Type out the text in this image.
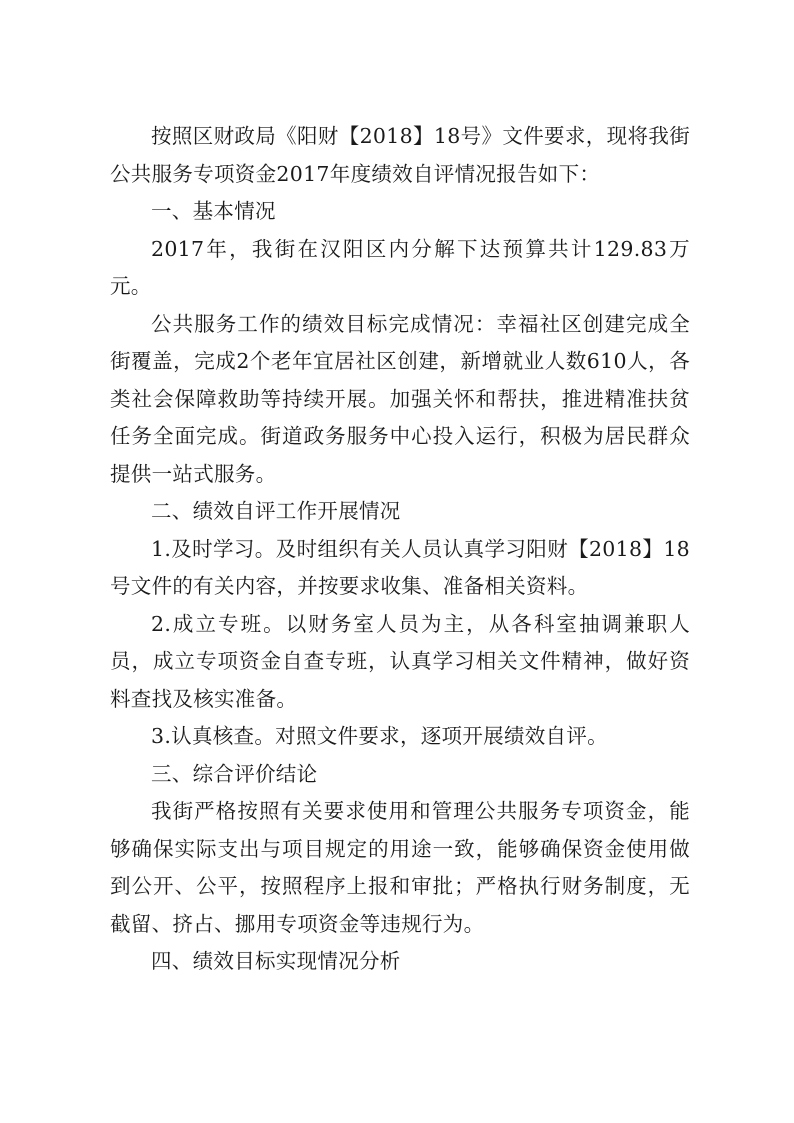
按照区财政局《阳财【2018】18号》文件要求，现将我街公共服务专项资金2017年度绩效自评情况报告如下：

一、基本情况

2017年，我街在汉阳区内分解下达预算共计129.83万元。

公共服务工作的绩效目标完成情况：幸福社区创建完成全街覆盖，完成2个老年宜居社区创建，新增就业人数610人，各类社会保障救助等持续开展。加强关怀和帮扶，推进精准扶贫任务全面完成。街道政务服务中心投入运行，积极为居民群众提供一站式服务。

二、绩效自评工作开展情况

1.及时学习。及时组织有关人员认真学习阳财【2018】18号文件的有关内容，并按要求收集、准备相关资料。

2.成立专班。以财务室人员为主，从各科室抽调兼职人员，成立专项资金自查专班，认真学习相关文件精神，做好资料查找及核实准备。

3.认真核查。对照文件要求，逐项开展绩效自评。

三、综合评价结论

我街严格按照有关要求使用和管理公共服务专项资金，能够确保实际支出与项目规定的用途一致，能够确保资金使用做到公开、公平，按照程序上报和审批；严格执行财务制度，无截留、挤占、挪用专项资金等违规行为。

四、绩效目标实现情况分析
